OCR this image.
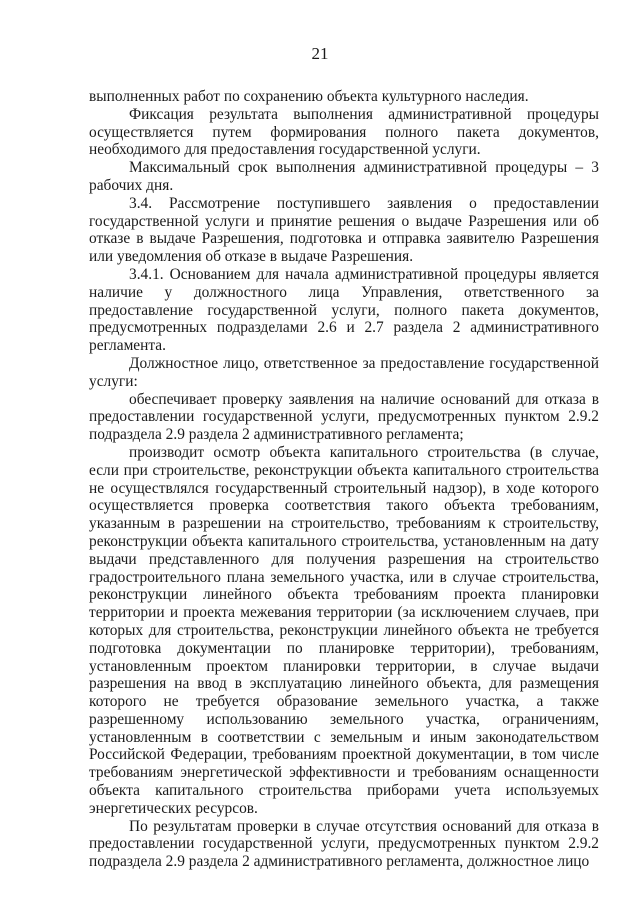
21

выполненных работ по сохранению объекта культурного наследия.

Фиксация результата выполнения административной процедуры осуществляется путем формирования полного пакета документов, необходимого для предоставления государственной услуги.

Максимальный срок выполнения административной процедуры – 3 рабочих дня.

3.4. Рассмотрение поступившего заявления о предоставлении государственной услуги и принятие решения о выдаче Разрешения или об отказе в выдаче Разрешения, подготовка и отправка заявителю Разрешения или уведомления об отказе в выдаче Разрешения.

3.4.1. Основанием для начала административной процедуры является наличие у должностного лица Управления, ответственного за предоставление государственной услуги, полного пакета документов, предусмотренных подразделами 2.6 и 2.7 раздела 2 административного регламента.

Должностное лицо, ответственное за предоставление государственной услуги:

обеспечивает проверку заявления на наличие оснований для отказа в предоставлении государственной услуги, предусмотренных пунктом 2.9.2 подраздела 2.9 раздела 2 административного регламента;

производит осмотр объекта капитального строительства (в случае, если при строительстве, реконструкции объекта капитального строительства не осуществлялся государственный строительный надзор), в ходе которого осуществляется проверка соответствия такого объекта требованиям, указанным в разрешении на строительство, требованиям к строительству, реконструкции объекта капитального строительства, установленным на дату выдачи представленного для получения разрешения на строительство градостроительного плана земельного участка, или в случае строительства, реконструкции линейного объекта требованиям проекта планировки территории и проекта межевания территории (за исключением случаев, при которых для строительства, реконструкции линейного объекта не требуется подготовка документации по планировке территории), требованиям, установленным проектом планировки территории, в случае выдачи разрешения на ввод в эксплуатацию линейного объекта, для размещения которого не требуется образование земельного участка, а также разрешенному использованию земельного участка, ограничениям, установленным в соответствии с земельным и иным законодательством Российской Федерации, требованиям проектной документации, в том числе требованиям энергетической эффективности и требованиям оснащенности объекта капитального строительства приборами учета используемых энергетических ресурсов.

По результатам проверки в случае отсутствия оснований для отказа в предоставлении государственной услуги, предусмотренных пунктом 2.9.2 подраздела 2.9 раздела 2 административного регламента, должностное лицо
